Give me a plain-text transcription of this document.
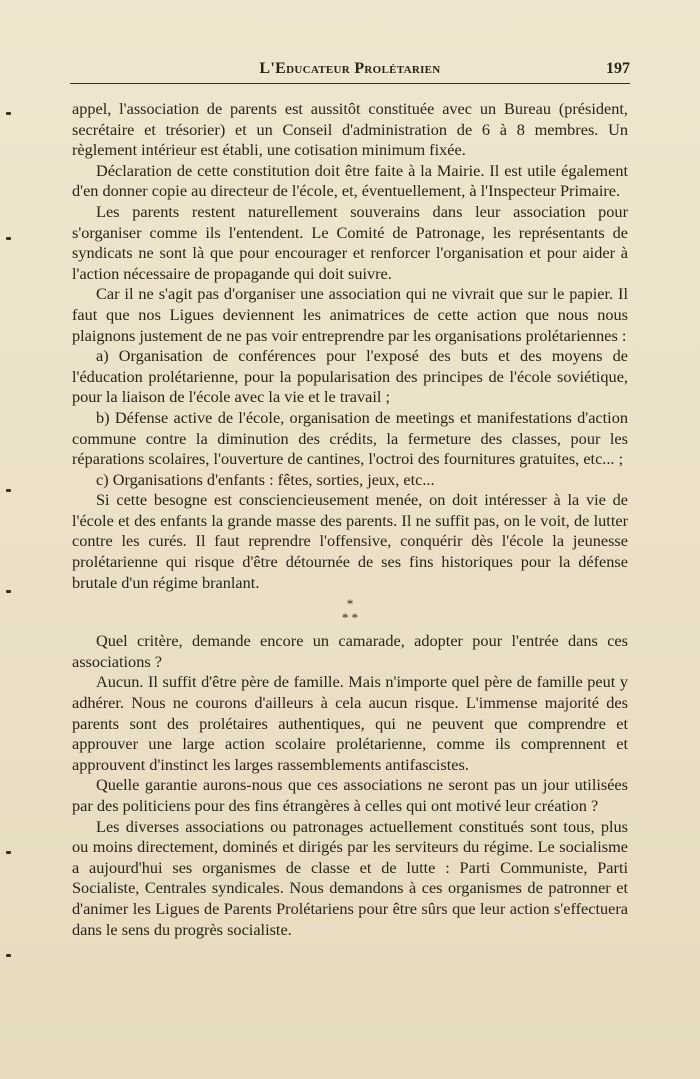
L'Educateur Prolétarien	197

appel, l'association de parents est aussitôt constituée avec un Bureau (président, secrétaire et trésorier) et un Conseil d'administration de 6 à 8 membres. Un règlement intérieur est établi, une cotisation minimum fixée.

Déclaration de cette constitution doit être faite à la Mairie. Il est utile également d'en donner copie au directeur de l'école, et, éventuellement, à l'Inspecteur Primaire.

Les parents restent naturellement souverains dans leur association pour s'organiser comme ils l'entendent. Le Comité de Patronage, les représentants de syndicats ne sont là que pour encourager et renforcer l'organisation et pour aider à l'action nécessaire de propagande qui doit suivre.

Car il ne s'agit pas d'organiser une association qui ne vivrait que sur le papier. Il faut que nos Ligues deviennent les animatrices de cette action que nous nous plaignons justement de ne pas voir entreprendre par les organisations prolétariennes :

a) Organisation de conférences pour l'exposé des buts et des moyens de l'éducation prolétarienne, pour la popularisation des principes de l'école soviétique, pour la liaison de l'école avec la vie et le travail ;

b) Défense active de l'école, organisation de meetings et manifestations d'action commune contre la diminution des crédits, la fermeture des classes, pour les réparations scolaires, l'ouverture de cantines, l'octroi des fournitures gratuites, etc... ;

c) Organisations d'enfants : fêtes, sorties, jeux, etc...

Si cette besogne est consciencieusement menée, on doit intéresser à la vie de l'école et des enfants la grande masse des parents. Il ne suffit pas, on le voit, de lutter contre les curés. Il faut reprendre l'offensive, conquérir dès l'école la jeunesse prolétarienne qui risque d'être détournée de ses fins historiques pour la défense brutale d'un régime branlant.

*
* *

Quel critère, demande encore un camarade, adopter pour l'entrée dans ces associations ?

Aucun. Il suffit d'être père de famille. Mais n'importe quel père de famille peut y adhérer. Nous ne courons d'ailleurs à cela aucun risque. L'immense majorité des parents sont des prolétaires authentiques, qui ne peuvent que comprendre et approuver une large action scolaire prolétarienne, comme ils comprennent et approuvent d'instinct les larges rassemblements antifascistes.

Quelle garantie aurons-nous que ces associations ne seront pas un jour utilisées par des politiciens pour des fins étrangères à celles qui ont motivé leur création ?

Les diverses associations ou patronages actuellement constitués sont tous, plus ou moins directement, dominés et dirigés par les serviteurs du régime. Le socialisme a aujourd'hui ses organismes de classe et de lutte : Parti Communiste, Parti Socialiste, Centrales syndicales. Nous demandons à ces organismes de patronner et d'animer les Ligues de Parents Prolétariens pour être sûrs que leur action s'effectuera dans le sens du progrès socialiste.
